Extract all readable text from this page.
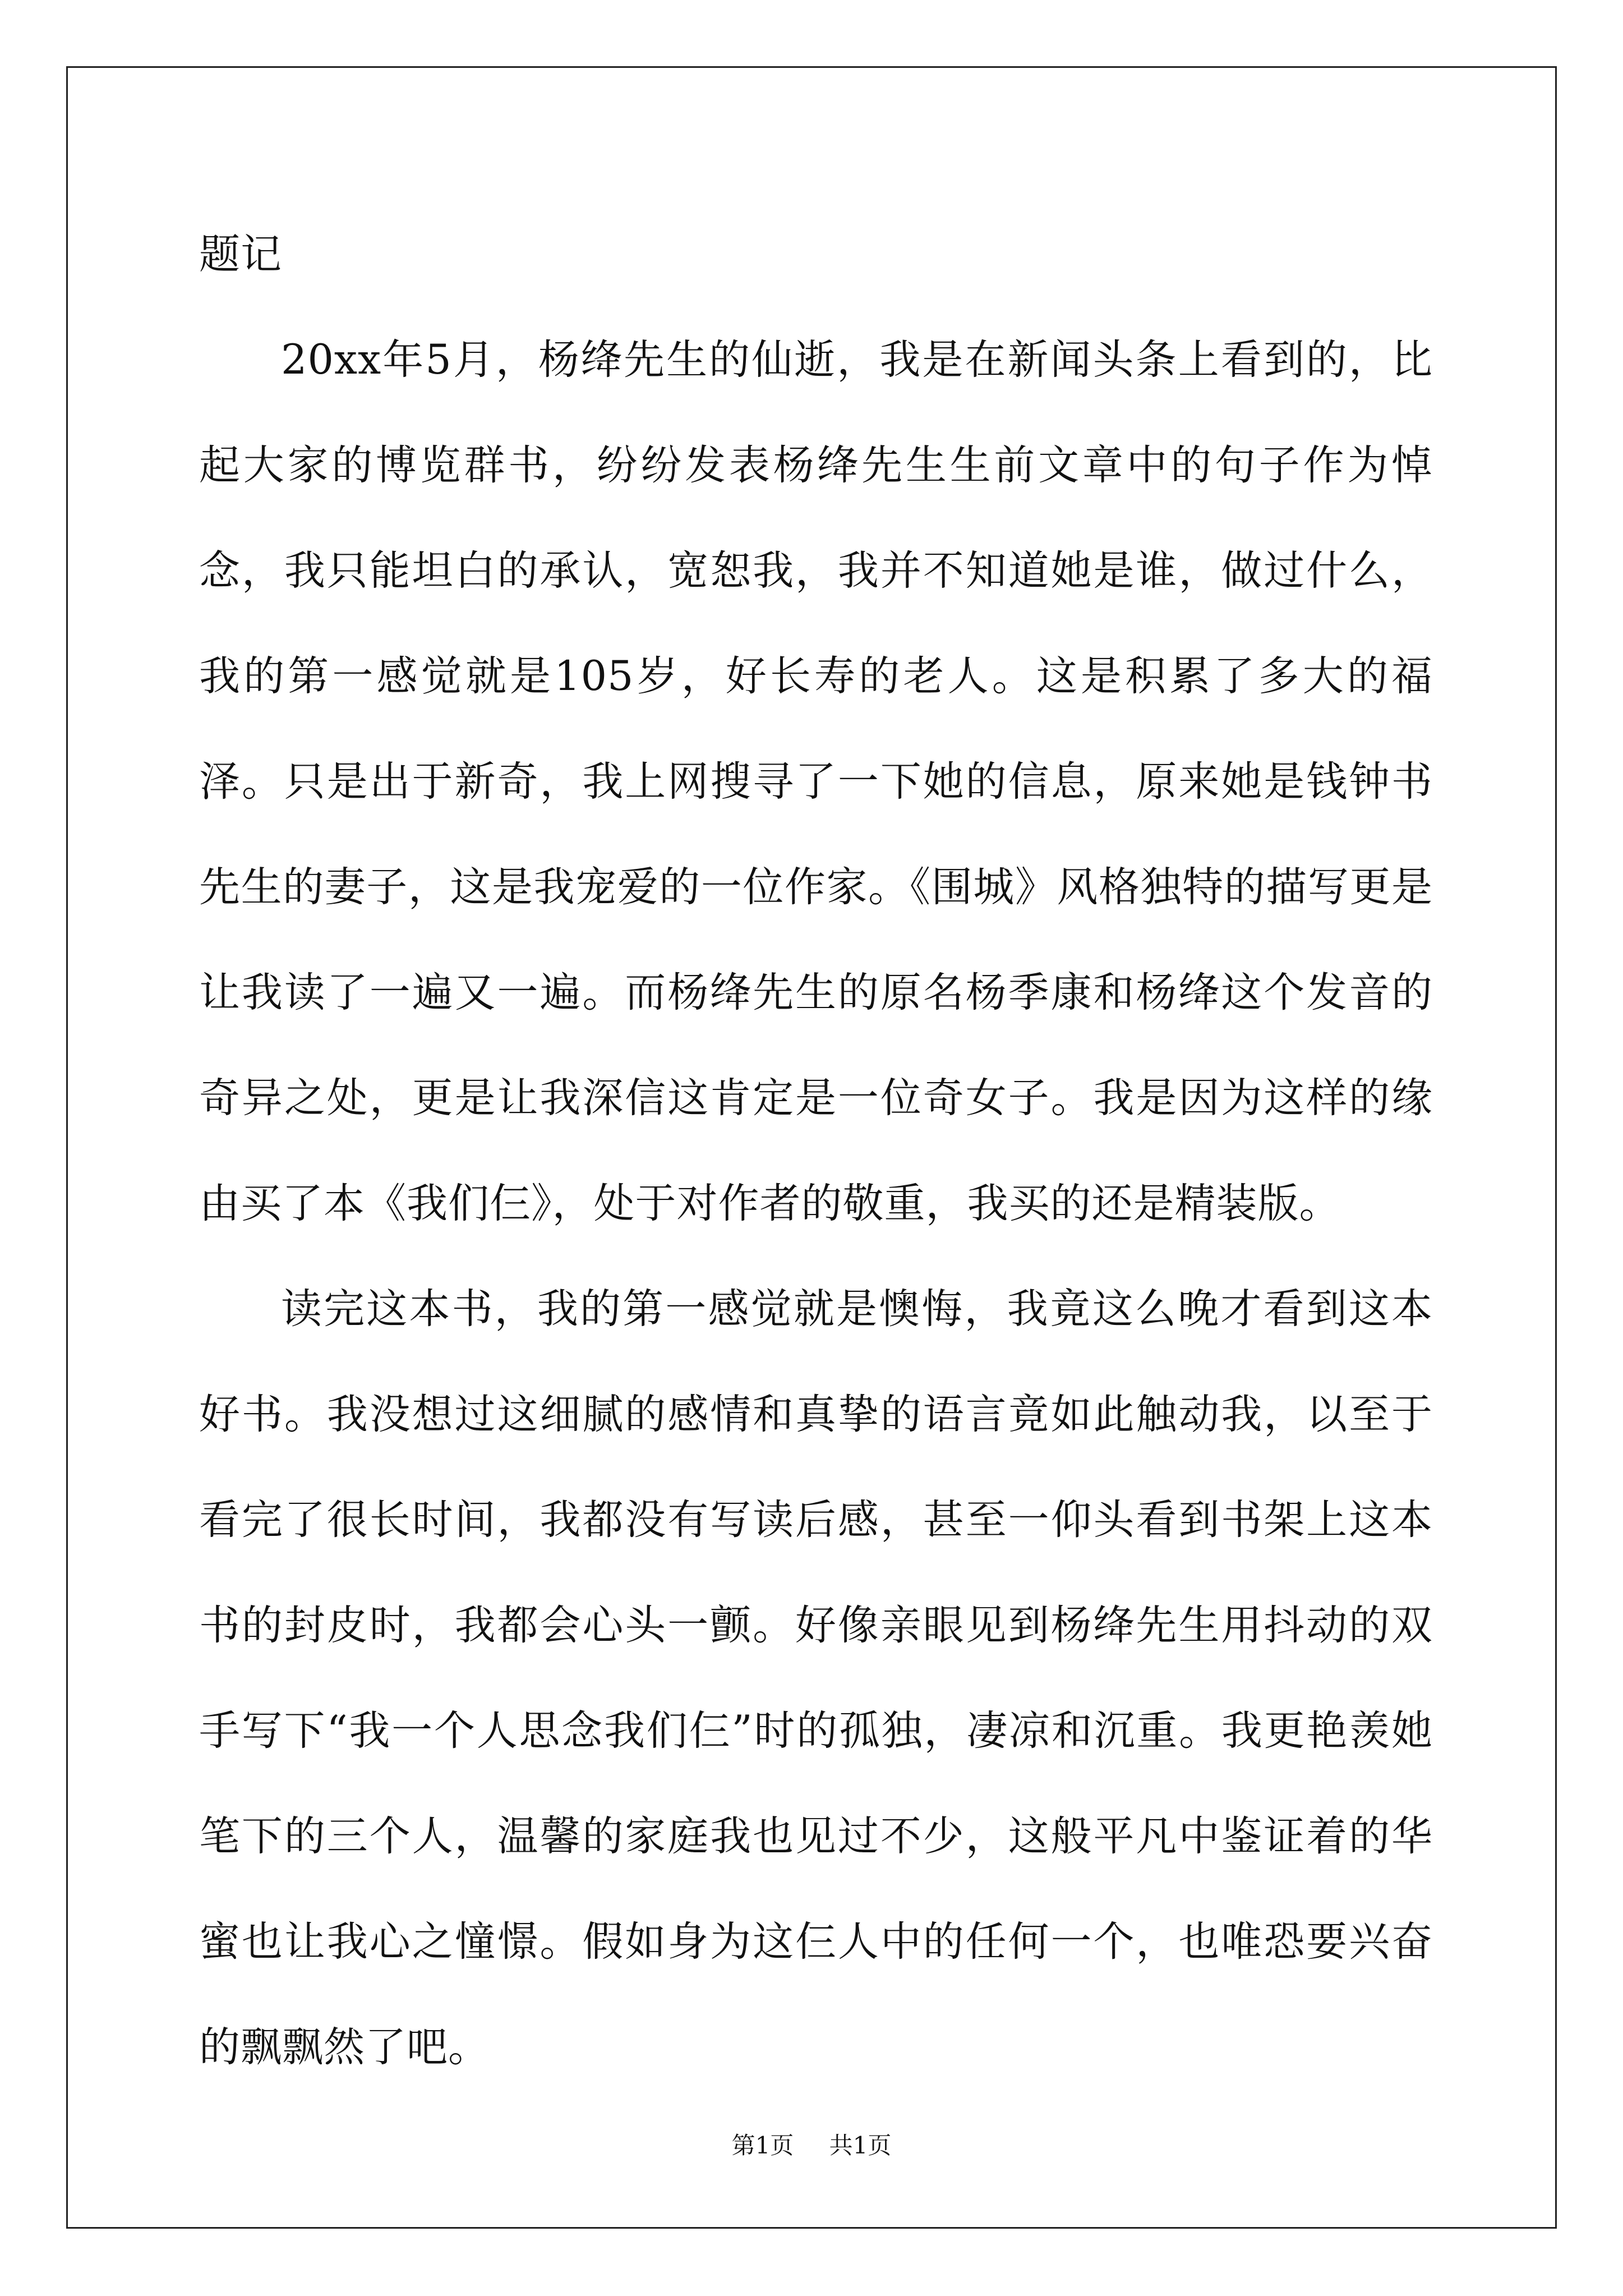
题记

20xx年5月，杨绛先生的仙逝，我是在新闻头条上看到的，比起大家的博览群书，纷纷发表杨绛先生生前文章中的句子作为悼念，我只能坦白的承认，宽恕我，我并不知道她是谁，做过什么，我的第一感觉就是105岁，好长寿的老人。这是积累了多大的福泽。只是出于新奇，我上网搜寻了一下她的信息，原来她是钱钟书先生的妻子，这是我宠爱的一位作家。《围城》风格独特的描写更是让我读了一遍又一遍。而杨绛先生的原名杨季康和杨绛这个发音的奇异之处，更是让我深信这肯定是一位奇女子。我是因为这样的缘由买了本《我们仨》，处于对作者的敬重，我买的还是精装版。

读完这本书，我的第一感觉就是懊悔，我竟这么晚才看到这本好书。我没想过这细腻的感情和真挚的语言竟如此触动我，以至于看完了很长时间，我都没有写读后感，甚至一仰头看到书架上这本书的封皮时，我都会心头一颤。好像亲眼见到杨绛先生用抖动的双手写下“我一个人思念我们仨”时的孤独，凄凉和沉重。我更艳羡她笔下的三个人，温馨的家庭我也见过不少，这般平凡中鉴证着的华蜜也让我心之憧憬。假如身为这仨人中的任何一个，也唯恐要兴奋的飘飘然了吧。

第1页 共1页
